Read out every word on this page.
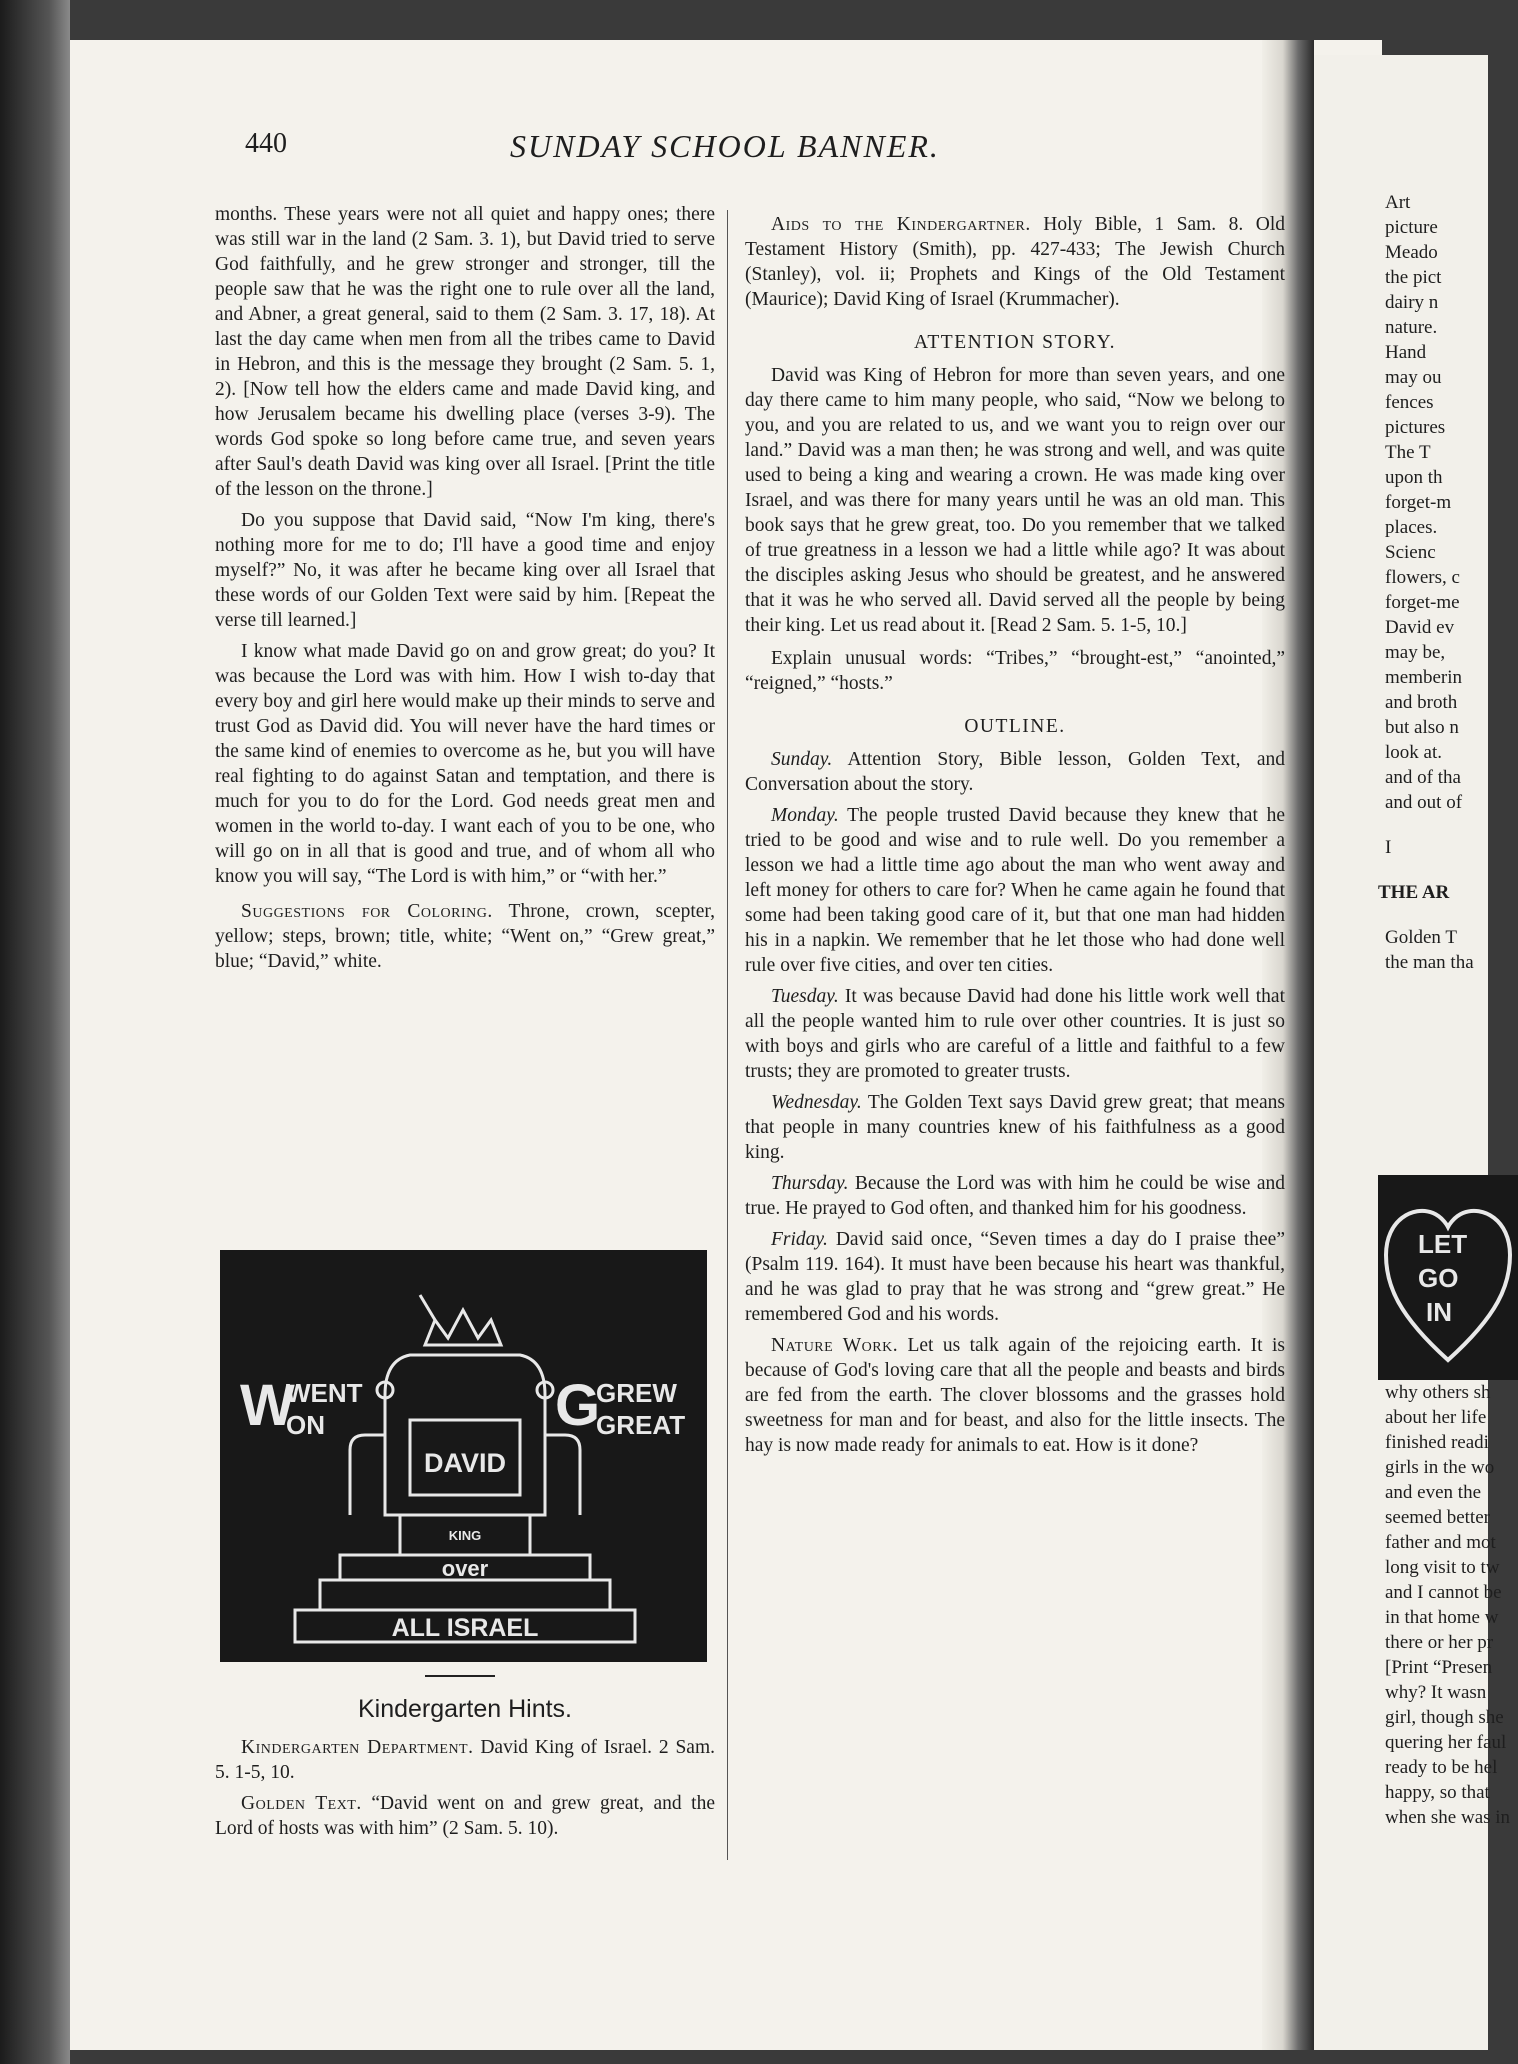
440	SUNDAY SCHOOL BANNER.

months. These years were not all quiet and happy ones; there was still war in the land (2 Sam. 3. 1), but David tried to serve God faithfully, and he grew stronger and stronger, till the people saw that he was the right one to rule over all the land, and Abner, a great general, said to them (2 Sam. 3. 17, 18). At last the day came when men from all the tribes came to David in Hebron, and this is the message they brought (2 Sam. 5. 1, 2). [Now tell how the elders came and made David king, and how Jerusalem became his dwelling place (verses 3-9). The words God spoke so long before came true, and seven years after Saul's death David was king over all Israel. [Print the title of the lesson on the throne.]

Do you suppose that David said, “Now I'm king, there's nothing more for me to do; I'll have a good time and enjoy myself?” No, it was after he became king over all Israel that these words of our Golden Text were said by him. [Repeat the verse till learned.]

I know what made David go on and grow great; do you? It was because the Lord was with him. How I wish to-day that every boy and girl here would make up their minds to serve and trust God as David did. You will never have the hard times or the same kind of enemies to overcome as he, but you will have real fighting to do against Satan and temptation, and there is much for you to do for the Lord. God needs great men and women in the world to-day. I want each of you to be one, who will go on in all that is good and true, and of whom all who know you will say, “The Lord is with him,” or “with her.”

Suggestions for Coloring. Throne, crown, scepter, yellow; steps, brown; title, white; “Went on,” “Grew great,” blue; “David,” white.

W
WENT
ON	G
GREW
GREAT
DAVID
KING
over
ALL ISRAEL
Kindergarten Hints.

Kindergarten Department. David King of Israel. 2 Sam. 5. 1-5, 10.

Golden Text. “David went on and grew great, and the Lord of hosts was with him” (2 Sam. 5. 10).

Aids to the Kindergartner. Holy Bible, 1 Sam. 8. Old Testament History (Smith), pp. 427-433; The Jewish Church (Stanley), vol. ii; Prophets and Kings of the Old Testament (Maurice); David King of Israel (Krummacher).

ATTENTION STORY.

David was King of Hebron for more than seven years, and one day there came to him many people, who said, “Now we belong to you, and you are related to us, and we want you to reign over our land.” David was a man then; he was strong and well, and was quite used to being a king and wearing a crown. He was made king over Israel, and was there for many years until he was an old man. This book says that he grew great, too. Do you remember that we talked of true greatness in a lesson we had a little while ago? It was about the disciples asking Jesus who should be greatest, and he answered that it was he who served all. David served all the people by being their king. Let us read about it. [Read 2 Sam. 5. 1-5, 10.]

Explain unusual words: “Tribes,” “brought-est,” “anointed,” “reigned,” “hosts.”

OUTLINE.

Sunday. Attention Story, Bible lesson, Golden Text, and Conversation about the story.

Monday. The people trusted David because they knew that he tried to be good and wise and to rule well. Do you remember a lesson we had a little time ago about the man who went away and left money for others to care for? When he came again he found that some had been taking good care of it, but that one man had hidden his in a napkin. We remember that he let those who had done well rule over five cities, and over ten cities.

Tuesday. It was because David had done his little work well that all the people wanted him to rule over other countries. It is just so with boys and girls who are careful of a little and faithful to a few trusts; they are promoted to greater trusts.

Wednesday. The Golden Text says David grew great; that means that people in many countries knew of his faithfulness as a good king.

Thursday. Because the Lord was with him he could be wise and true. He prayed to God often, and thanked him for his goodness.

Friday. David said once, “Seven times a day do I praise thee” (Psalm 119. 164). It must have been because his heart was thankful, and he was glad to pray that he was strong and “grew great.” He remembered God and his words.

Nature Work. Let us talk again of the rejoicing earth. It is because of God's loving care that all the people and beasts and birds are fed from the earth. The clover blossoms and the grasses hold sweetness for man and for beast, and also for the little insects. The hay is now made ready for animals to eat. How is it done?

Art
picture
Meado
the pict
dairy n
nature.
Hand
may ou
fences
pictures
The T
upon th
forget-m
places.
Scienc
flowers, c
forget-me
David ev
may be,
memberin
and broth
but also n
look at.
and of tha
and out of
I
THE AR
Golden T
the man tha
why others sh
about her life
finished readi
girls in the wo
and even the
seemed better
father and mot
long visit to tw
and I cannot be
in that home w
there or her pr
[Print “Presen
why? It wasn
girl, though she
quering her faul
ready to be hel
happy, so that
when she was in
LET
GO
IN
